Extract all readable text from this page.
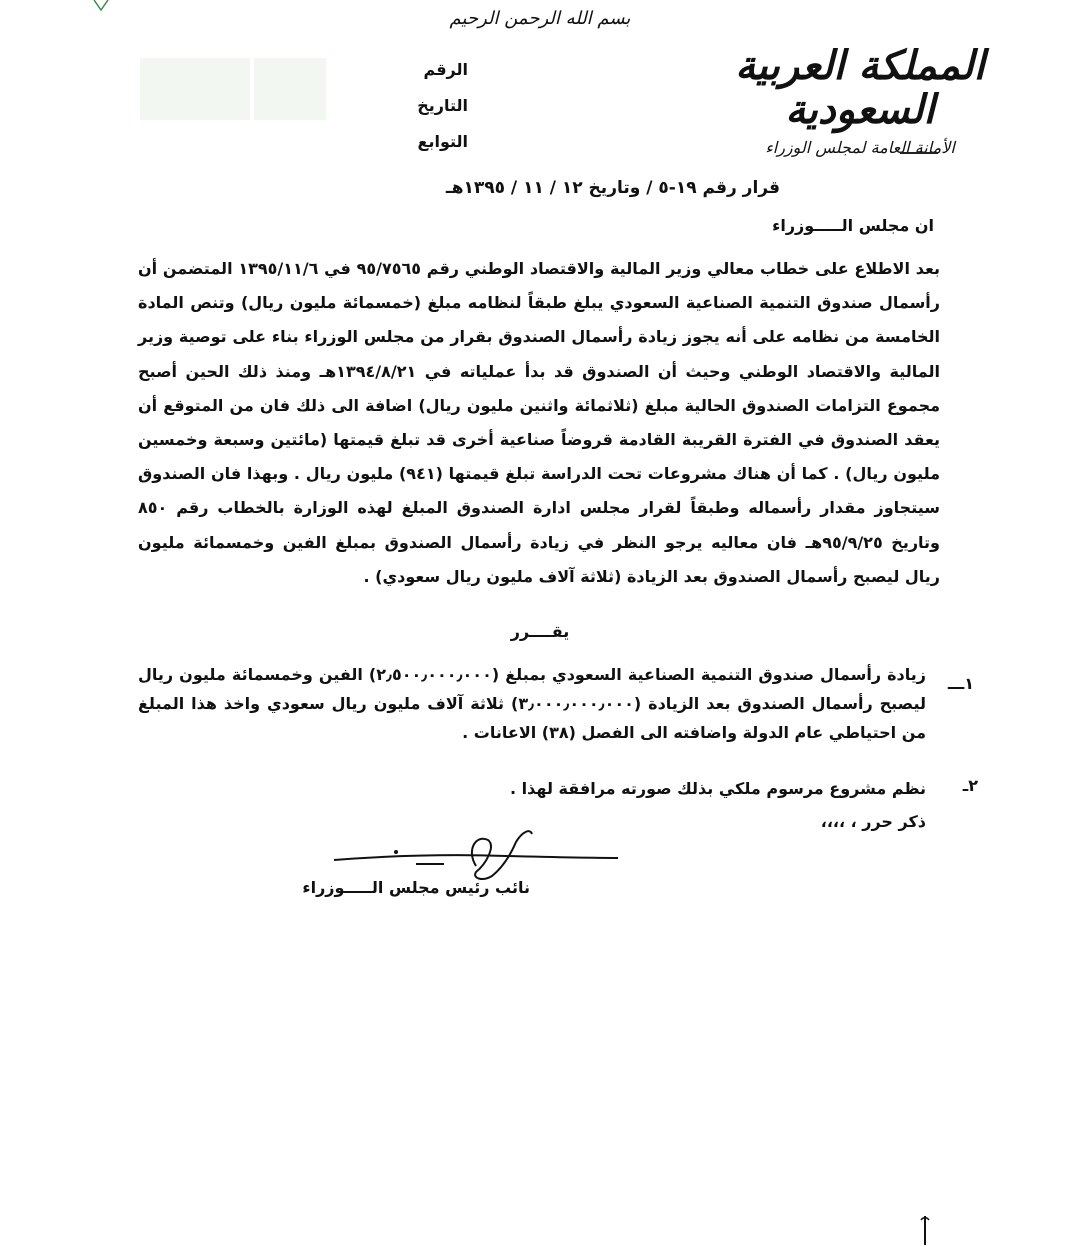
بسم الله الرحمن الرحيم
المملكة العربية السعودية
الأمانة العامة لمجلس الوزراء
الرقم
التاريخ
التوابع
قرار رقم ١٩-٥ / وتاريخ ١٢ / ١١ / ١٣٩٥هـ
ان مجلس الـــــوزراء
بعد الاطلاع على خطاب معالي وزير المالية والاقتصاد الوطني رقم ٩٥/٧٥٦٥ في ١٣٩٥/١١/٦ المتضمن أن رأسمال صندوق التنمية الصناعية السعودي يبلغ طبقاً لنظامه مبلغ (خمسمائة مليون ريال) وتنص المادة الخامسة من نظامه على أنه يجوز زيادة رأسمال الصندوق بقرار من مجلس الوزراء بناء على توصية وزير المالية والاقتصاد الوطني وحيث أن الصندوق قد بدأ عملياته في ١٣٩٤/٨/٢١هـ ومنذ ذلك الحين أصبح مجموع التزامات الصندوق الحالية مبلغ (ثلاثمائة واثنين مليون ريال) اضافة الى ذلك فان من المتوقع أن يعقد الصندوق في الفترة القريبة القادمة قروضاً صناعية أخرى قد تبلغ قيمتها (مائتين وسبعة وخمسين مليون ريال) . كما أن هناك مشروعات تحت الدراسة تبلغ قيمتها (٩٤١) مليون ريال . وبهذا فان الصندوق سيتجاوز مقدار رأسماله وطبقاً لقرار مجلس ادارة الصندوق المبلغ لهذه الوزارة بالخطاب رقم ٨٥٠ وتاريخ ٩٥/٩/٢٥هـ فان معاليه يرجو النظر في زيادة رأسمال الصندوق بمبلغ الفين وخمسمائة مليون ريال ليصبح رأسمال الصندوق بعد الزيادة (ثلاثة آلاف مليون ريال سعودي) .
يقــــرر
١ـــ
زيادة رأسمال صندوق التنمية الصناعية السعودي بمبلغ (٢٫٥٠٠٫٠٠٠٫٠٠٠) الفين وخمسمائة مليون ريال ليصبح رأسمال الصندوق بعد الزيادة (٣٫٠٠٠٫٠٠٠٫٠٠٠) ثلاثة آلاف مليون ريال سعودي واخذ هذا المبلغ من احتياطي عام الدولة واضافته الى الفصل (٣٨) الاعانات .
٢ـ
نظم مشروع مرسوم ملكي بذلك صورته مرافقة لهذا .
ذكر حرر ، ،،،،
نائب رئيس مجلس الـــــوزراء
